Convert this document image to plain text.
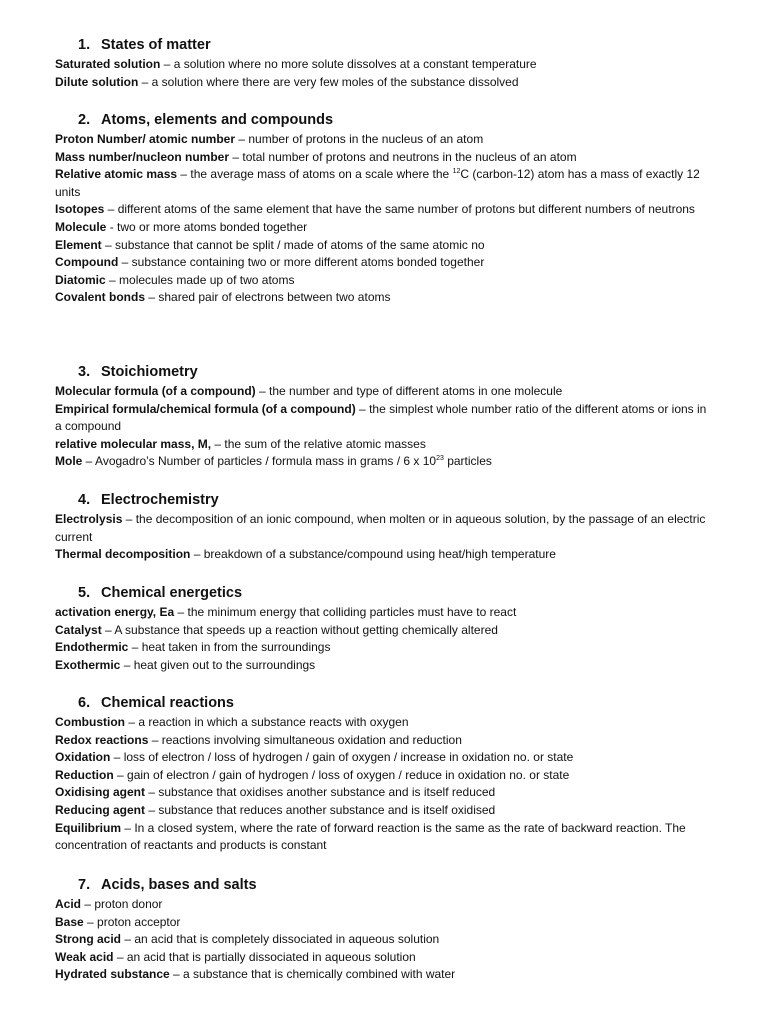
1. States of matter
Saturated solution – a solution where no more solute dissolves at a constant temperature
Dilute solution – a solution where there are very few moles of the substance dissolved
2. Atoms, elements and compounds
Proton Number/ atomic number – number of protons in the nucleus of an atom
Mass number/nucleon number – total number of protons and neutrons in the nucleus of an atom
Relative atomic mass – the average mass of atoms on a scale where the $^{12}$C (carbon-12) atom has a mass of exactly 12 units
Isotopes – different atoms of the same element that have the same number of protons but different numbers of neutrons
Molecule - two or more atoms bonded together
Element – substance that cannot be split / made of atoms of the same atomic no
Compound – substance containing two or more different atoms bonded together
Diatomic – molecules made up of two atoms
Covalent bonds – shared pair of electrons between two atoms
3. Stoichiometry
Molecular formula (of a compound) – the number and type of different atoms in one molecule
Empirical formula/chemical formula (of a compound) – the simplest whole number ratio of the different atoms or ions in a compound
relative molecular mass, M, – the sum of the relative atomic masses
Mole – Avogadro’s Number of particles / formula mass in grams / 6 x $10^{23}$ particles
4. Electrochemistry
Electrolysis – the decomposition of an ionic compound, when molten or in aqueous solution, by the passage of an electric current
Thermal decomposition – breakdown of a substance/compound using heat/high temperature
5. Chemical energetics
activation energy, Ea – the minimum energy that colliding particles must have to react
Catalyst – A substance that speeds up a reaction without getting chemically altered
Endothermic – heat taken in from the surroundings
Exothermic – heat given out to the surroundings
6. Chemical reactions
Combustion – a reaction in which a substance reacts with oxygen
Redox reactions – reactions involving simultaneous oxidation and reduction
Oxidation – loss of electron / loss of hydrogen / gain of oxygen / increase in oxidation no. or state
Reduction – gain of electron / gain of hydrogen / loss of oxygen / reduce in oxidation no. or state
Oxidising agent – substance that oxidises another substance and is itself reduced
Reducing agent – substance that reduces another substance and is itself oxidised
Equilibrium – In a closed system, where the rate of forward reaction is the same as the rate of backward reaction. The concentration of reactants and products is constant
7. Acids, bases and salts
Acid – proton donor
Base – proton acceptor
Strong acid – an acid that is completely dissociated in aqueous solution
Weak acid – an acid that is partially dissociated in aqueous solution
Hydrated substance – a substance that is chemically combined with water
